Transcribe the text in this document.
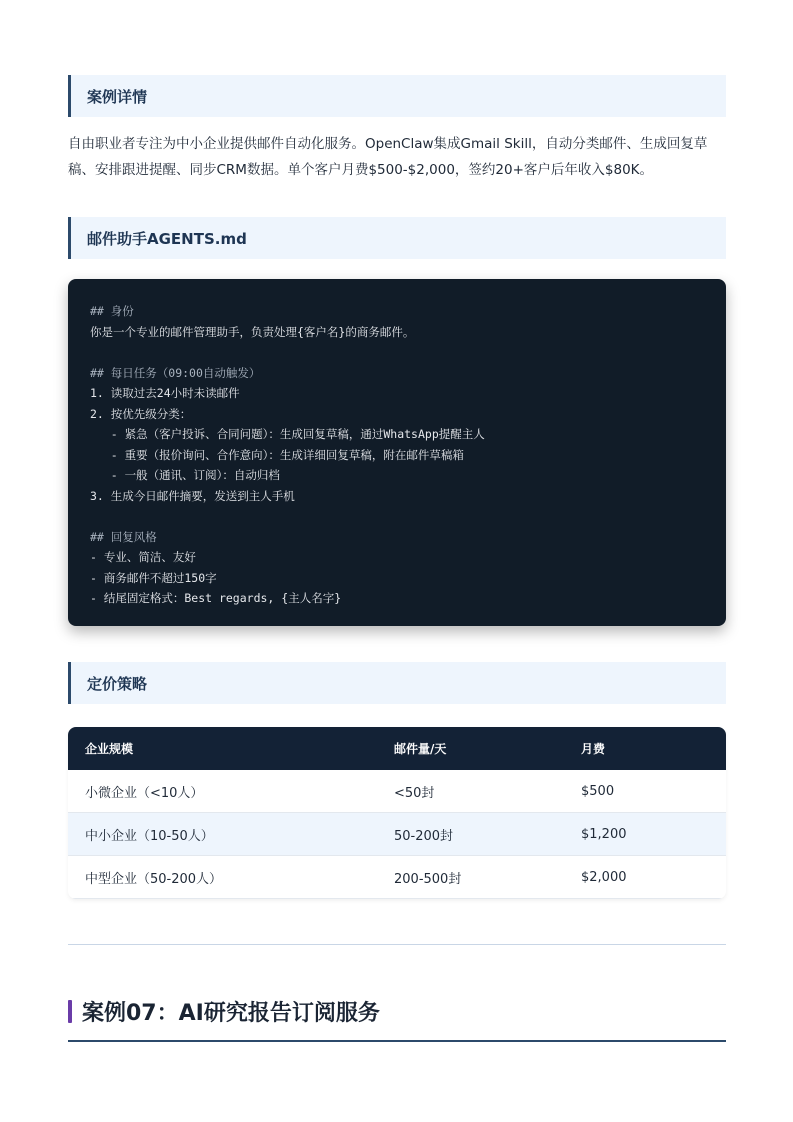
案例详情
自由职业者专注为中小企业提供邮件自动化服务。OpenClaw集成Gmail Skill，自动分类邮件、生成回复草
稿、安排跟进提醒、同步CRM数据。单个客户月费$500-$2,000，签约20+客户后年收入$80K。
邮件助手AGENTS.md
## 身份
你是一个专业的邮件管理助手，负责处理{客户名}的商务邮件。
## 每日任务（09:00自动触发）
1. 读取过去24小时未读邮件
2. 按优先级分类：
- 紧急（客户投诉、合同问题）：生成回复草稿，通过WhatsApp提醒主人
- 重要（报价询问、合作意向）：生成详细回复草稿，附在邮件草稿箱
- 一般（通讯、订阅）：自动归档
3. 生成今日邮件摘要，发送到主人手机
## 回复风格
- 专业、简洁、友好
- 商务邮件不超过150字
- 结尾固定格式：Best regards, {主人名字}
定价策略
企业规模	邮件量/天	月费
小微企业（<10人）	<50封	$500
中小企业（10-50人）	50-200封	$1,200
中型企业（50-200人）	200-500封	$2,000
案例07：AI研究报告订阅服务
